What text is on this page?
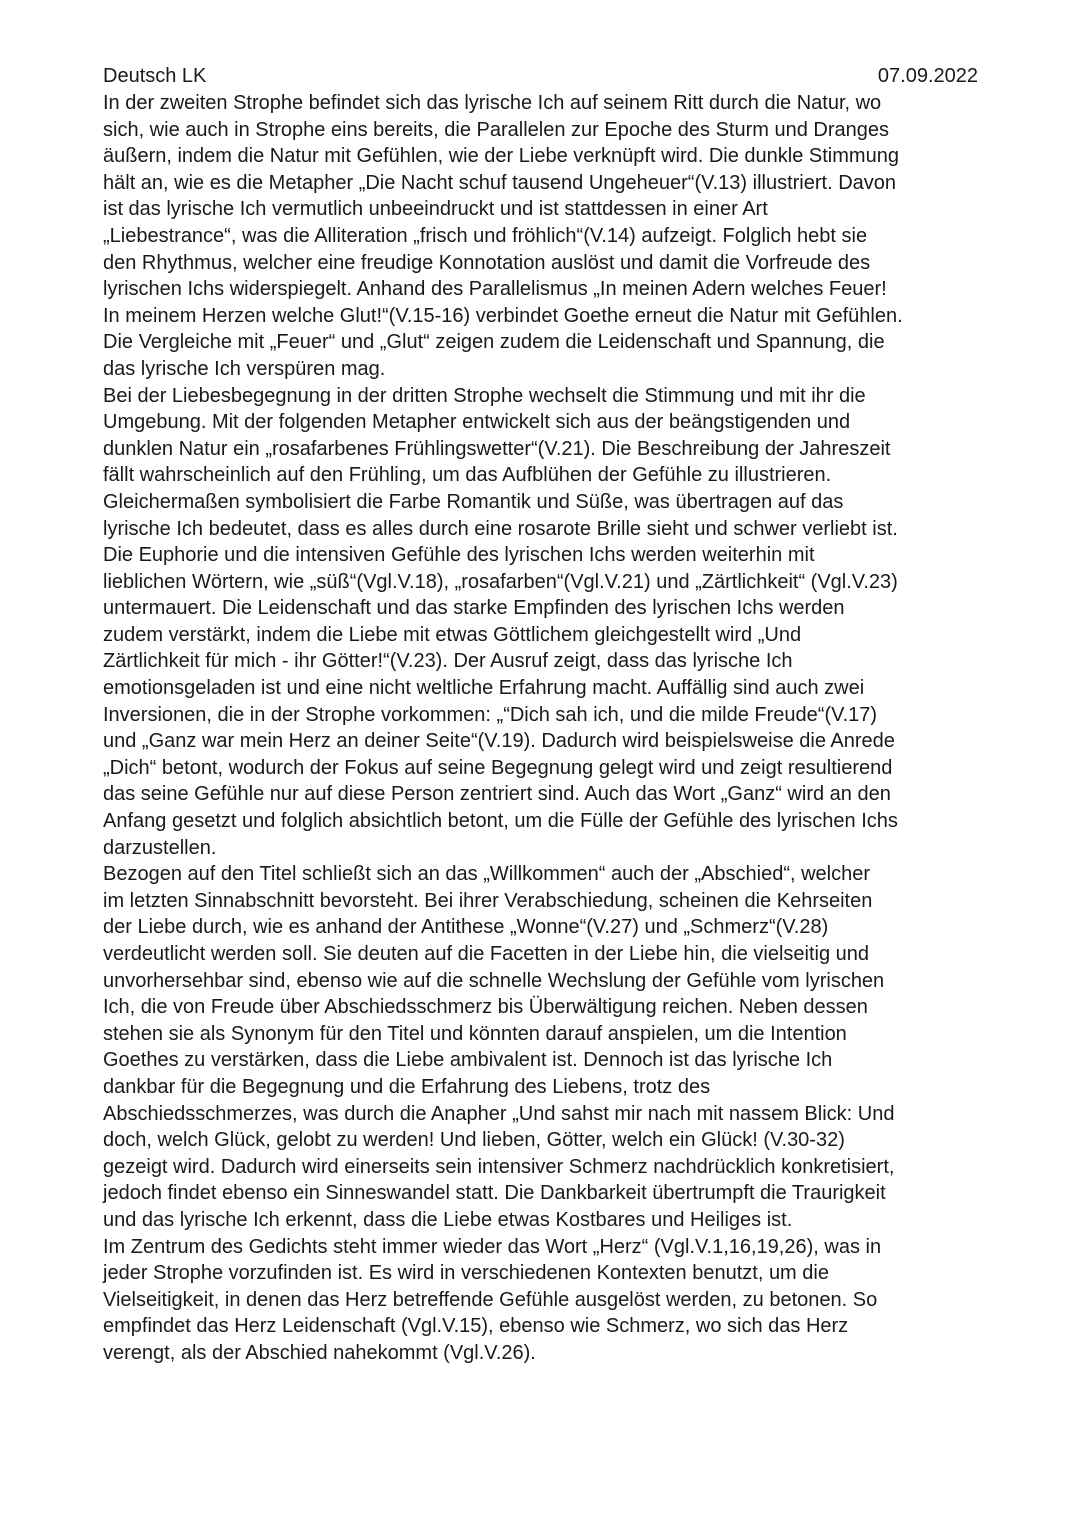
Deutsch LK	07.09.2022
In der zweiten Strophe befindet sich das lyrische Ich auf seinem Ritt durch die Natur, wo
sich, wie auch in Strophe eins bereits, die Parallelen zur Epoche des Sturm und Dranges
äußern, indem die Natur mit Gefühlen, wie der Liebe verknüpft wird. Die dunkle Stimmung
hält an, wie es die Metapher „Die Nacht schuf tausend Ungeheuer“(V.13) illustriert. Davon
ist das lyrische Ich vermutlich unbeeindruckt und ist stattdessen in einer Art
„Liebestrance“, was die Alliteration „frisch und fröhlich“(V.14) aufzeigt. Folglich hebt sie
den Rhythmus, welcher eine freudige Konnotation auslöst und damit die Vorfreude des
lyrischen Ichs widerspiegelt. Anhand des Parallelismus „In meinen Adern welches Feuer!
In meinem Herzen welche Glut!“(V.15-16) verbindet Goethe erneut die Natur mit Gefühlen.
Die Vergleiche mit „Feuer“ und „Glut“ zeigen zudem die Leidenschaft und Spannung, die
das lyrische Ich verspüren mag.
Bei der Liebesbegegnung in der dritten Strophe wechselt die Stimmung und mit ihr die
Umgebung. Mit der folgenden Metapher entwickelt sich aus der beängstigenden und
dunklen Natur ein „rosafarbenes Frühlingswetter“(V.21). Die Beschreibung der Jahreszeit
fällt wahrscheinlich auf den Frühling, um das Aufblühen der Gefühle zu illustrieren.
Gleichermaßen symbolisiert die Farbe Romantik und Süße, was übertragen auf das
lyrische Ich bedeutet, dass es alles durch eine rosarote Brille sieht und schwer verliebt ist.
Die Euphorie und die intensiven Gefühle des lyrischen Ichs werden weiterhin mit
lieblichen Wörtern, wie „süß“(Vgl.V.18), „rosafarben“(Vgl.V.21) und „Zärtlichkeit“ (Vgl.V.23)
untermauert. Die Leidenschaft und das starke Empfinden des lyrischen Ichs werden
zudem verstärkt, indem die Liebe mit etwas Göttlichem gleichgestellt wird „Und
Zärtlichkeit für mich - ihr Götter!“(V.23). Der Ausruf zeigt, dass das lyrische Ich
emotionsgeladen ist und eine nicht weltliche Erfahrung macht. Auffällig sind auch zwei
Inversionen, die in der Strophe vorkommen: „“Dich sah ich, und die milde Freude“(V.17)
und „Ganz war mein Herz an deiner Seite“(V.19). Dadurch wird beispielsweise die Anrede
„Dich“ betont, wodurch der Fokus auf seine Begegnung gelegt wird und zeigt resultierend
das seine Gefühle nur auf diese Person zentriert sind. Auch das Wort „Ganz“ wird an den
Anfang gesetzt und folglich absichtlich betont, um die Fülle der Gefühle des lyrischen Ichs
darzustellen.
Bezogen auf den Titel schließt sich an das „Willkommen“ auch der „Abschied“, welcher
im letzten Sinnabschnitt bevorsteht. Bei ihrer Verabschiedung, scheinen die Kehrseiten
der Liebe durch, wie es anhand der Antithese „Wonne“(V.27) und „Schmerz“(V.28)
verdeutlicht werden soll. Sie deuten auf die Facetten in der Liebe hin, die vielseitig und
unvorhersehbar sind, ebenso wie auf die schnelle Wechslung der Gefühle vom lyrischen
Ich, die von Freude über Abschiedsschmerz bis Überwältigung reichen. Neben dessen
stehen sie als Synonym für den Titel und könnten darauf anspielen, um die Intention
Goethes zu verstärken, dass die Liebe ambivalent ist. Dennoch ist das lyrische Ich
dankbar für die Begegnung und die Erfahrung des Liebens, trotz des
Abschiedsschmerzes, was durch die Anapher „Und sahst mir nach mit nassem Blick: Und
doch, welch Glück, gelobt zu werden! Und lieben, Götter, welch ein Glück! (V.30-32)
gezeigt wird. Dadurch wird einerseits sein intensiver Schmerz nachdrücklich konkretisiert,
jedoch findet ebenso ein Sinneswandel statt. Die Dankbarkeit übertrumpft die Traurigkeit
und das lyrische Ich erkennt, dass die Liebe etwas Kostbares und Heiliges ist.
Im Zentrum des Gedichts steht immer wieder das Wort „Herz“ (Vgl.V.1,16,19,26), was in
jeder Strophe vorzufinden ist. Es wird in verschiedenen Kontexten benutzt, um die
Vielseitigkeit, in denen das Herz betreffende Gefühle ausgelöst werden, zu betonen. So
empfindet das Herz Leidenschaft (Vgl.V.15), ebenso wie Schmerz, wo sich das Herz
verengt, als der Abschied nahekommt (Vgl.V.26).
